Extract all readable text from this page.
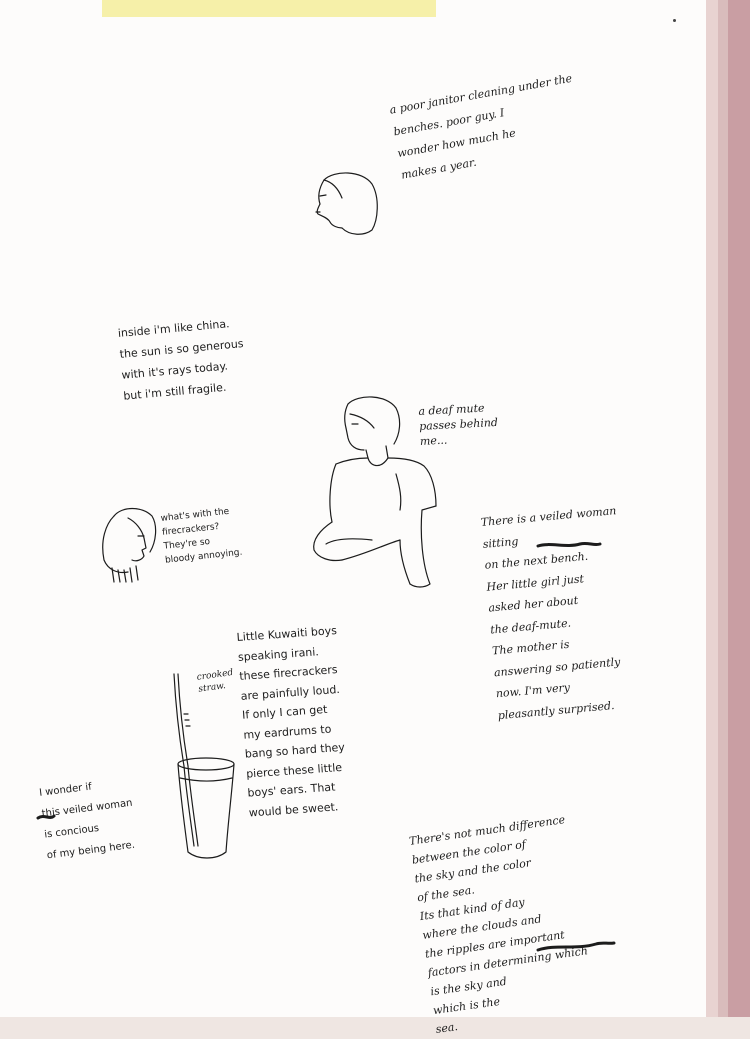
a poor janitor cleaning under the
benches. poor guy. I
wonder how much he
makes a year.

inside i'm like china.
the sun is so generous
with it's rays today.
but i'm still fragile.

a deaf mute
passes behind
me...

what's with the
firecrackers?
They're so
bloody annoying.

There is a veiled woman
sitting
on the next bench.
Her little girl just
asked her about
the deaf-mute.
The mother is
answering so patiently
now. I'm very
pleasantly surprised.

Little Kuwaiti boys
speaking irani.
these firecrackers
are painfully loud.
If only I can get
my eardrums to
bang so hard they
pierce these little
boys' ears. That
would be sweet.

crooked
straw.

I wonder if
this veiled woman
is concious
of my being here.

There's not much difference
between the color of
the sky and the color
of the sea.
Its that kind of day
where the clouds and
the ripples are important
factors in determining which
is the sky and
which is the
sea.
